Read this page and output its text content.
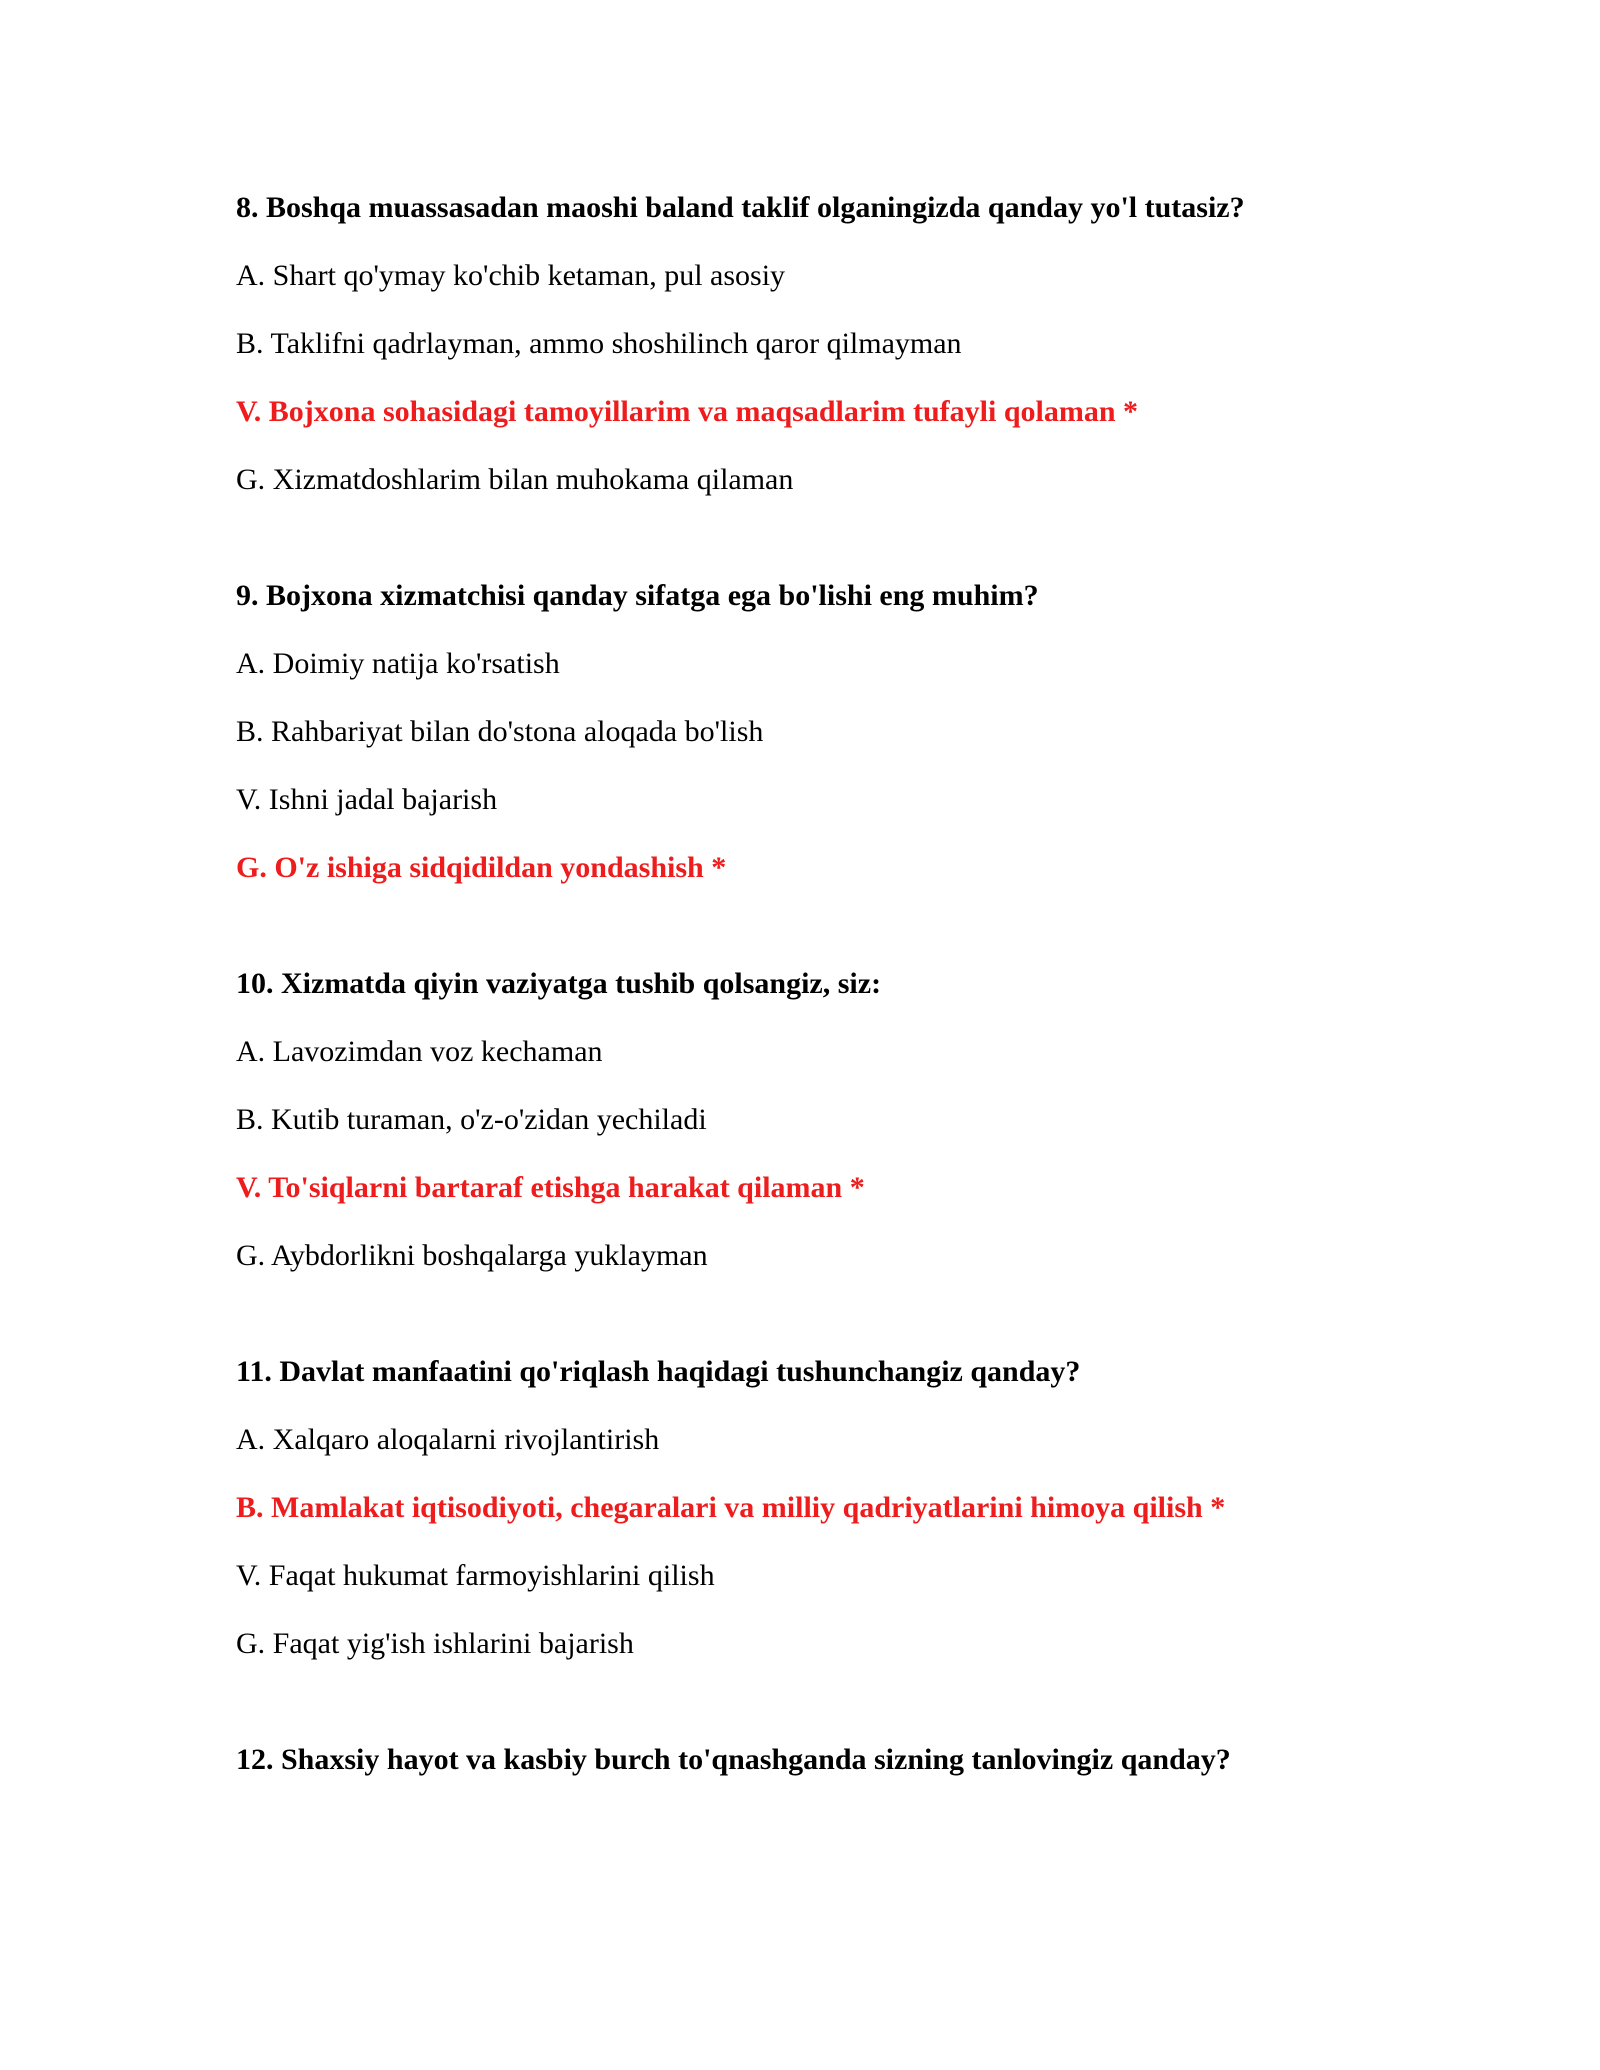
8. Boshqa muassasadan maoshi baland taklif olganingizda qanday yo'l tutasiz?

A. Shart qo'ymay ko'chib ketaman, pul asosiy
B. Taklifni qadrlayman, ammo shoshilinch qaror qilmayman
V. Bojxona sohasidagi tamoyillarim va maqsadlarim tufayli qolaman *
G. Xizmatdoshlarim bilan muhokama qilaman

9. Bojxona xizmatchisi qanday sifatga ega bo'lishi eng muhim?

A. Doimiy natija ko'rsatish
B. Rahbariyat bilan do'stona aloqada bo'lish
V. Ishni jadal bajarish
G. O'z ishiga sidqidildan yondashish *

10. Xizmatda qiyin vaziyatga tushib qolsangiz, siz:

A. Lavozimdan voz kechaman
B. Kutib turaman, o'z-o'zidan yechiladi
V. To'siqlarni bartaraf etishga harakat qilaman *
G. Aybdorlikni boshqalarga yuklayman

11. Davlat manfaatini qo'riqlash haqidagi tushunchangiz qanday?

A. Xalqaro aloqalarni rivojlantirish
B. Mamlakat iqtisodiyoti, chegaralari va milliy qadriyatlarini himoya qilish *
V. Faqat hukumat farmoyishlarini qilish
G. Faqat yig'ish ishlarini bajarish

12. Shaxsiy hayot va kasbiy burch to'qnashganda sizning tanlovingiz qanday?
